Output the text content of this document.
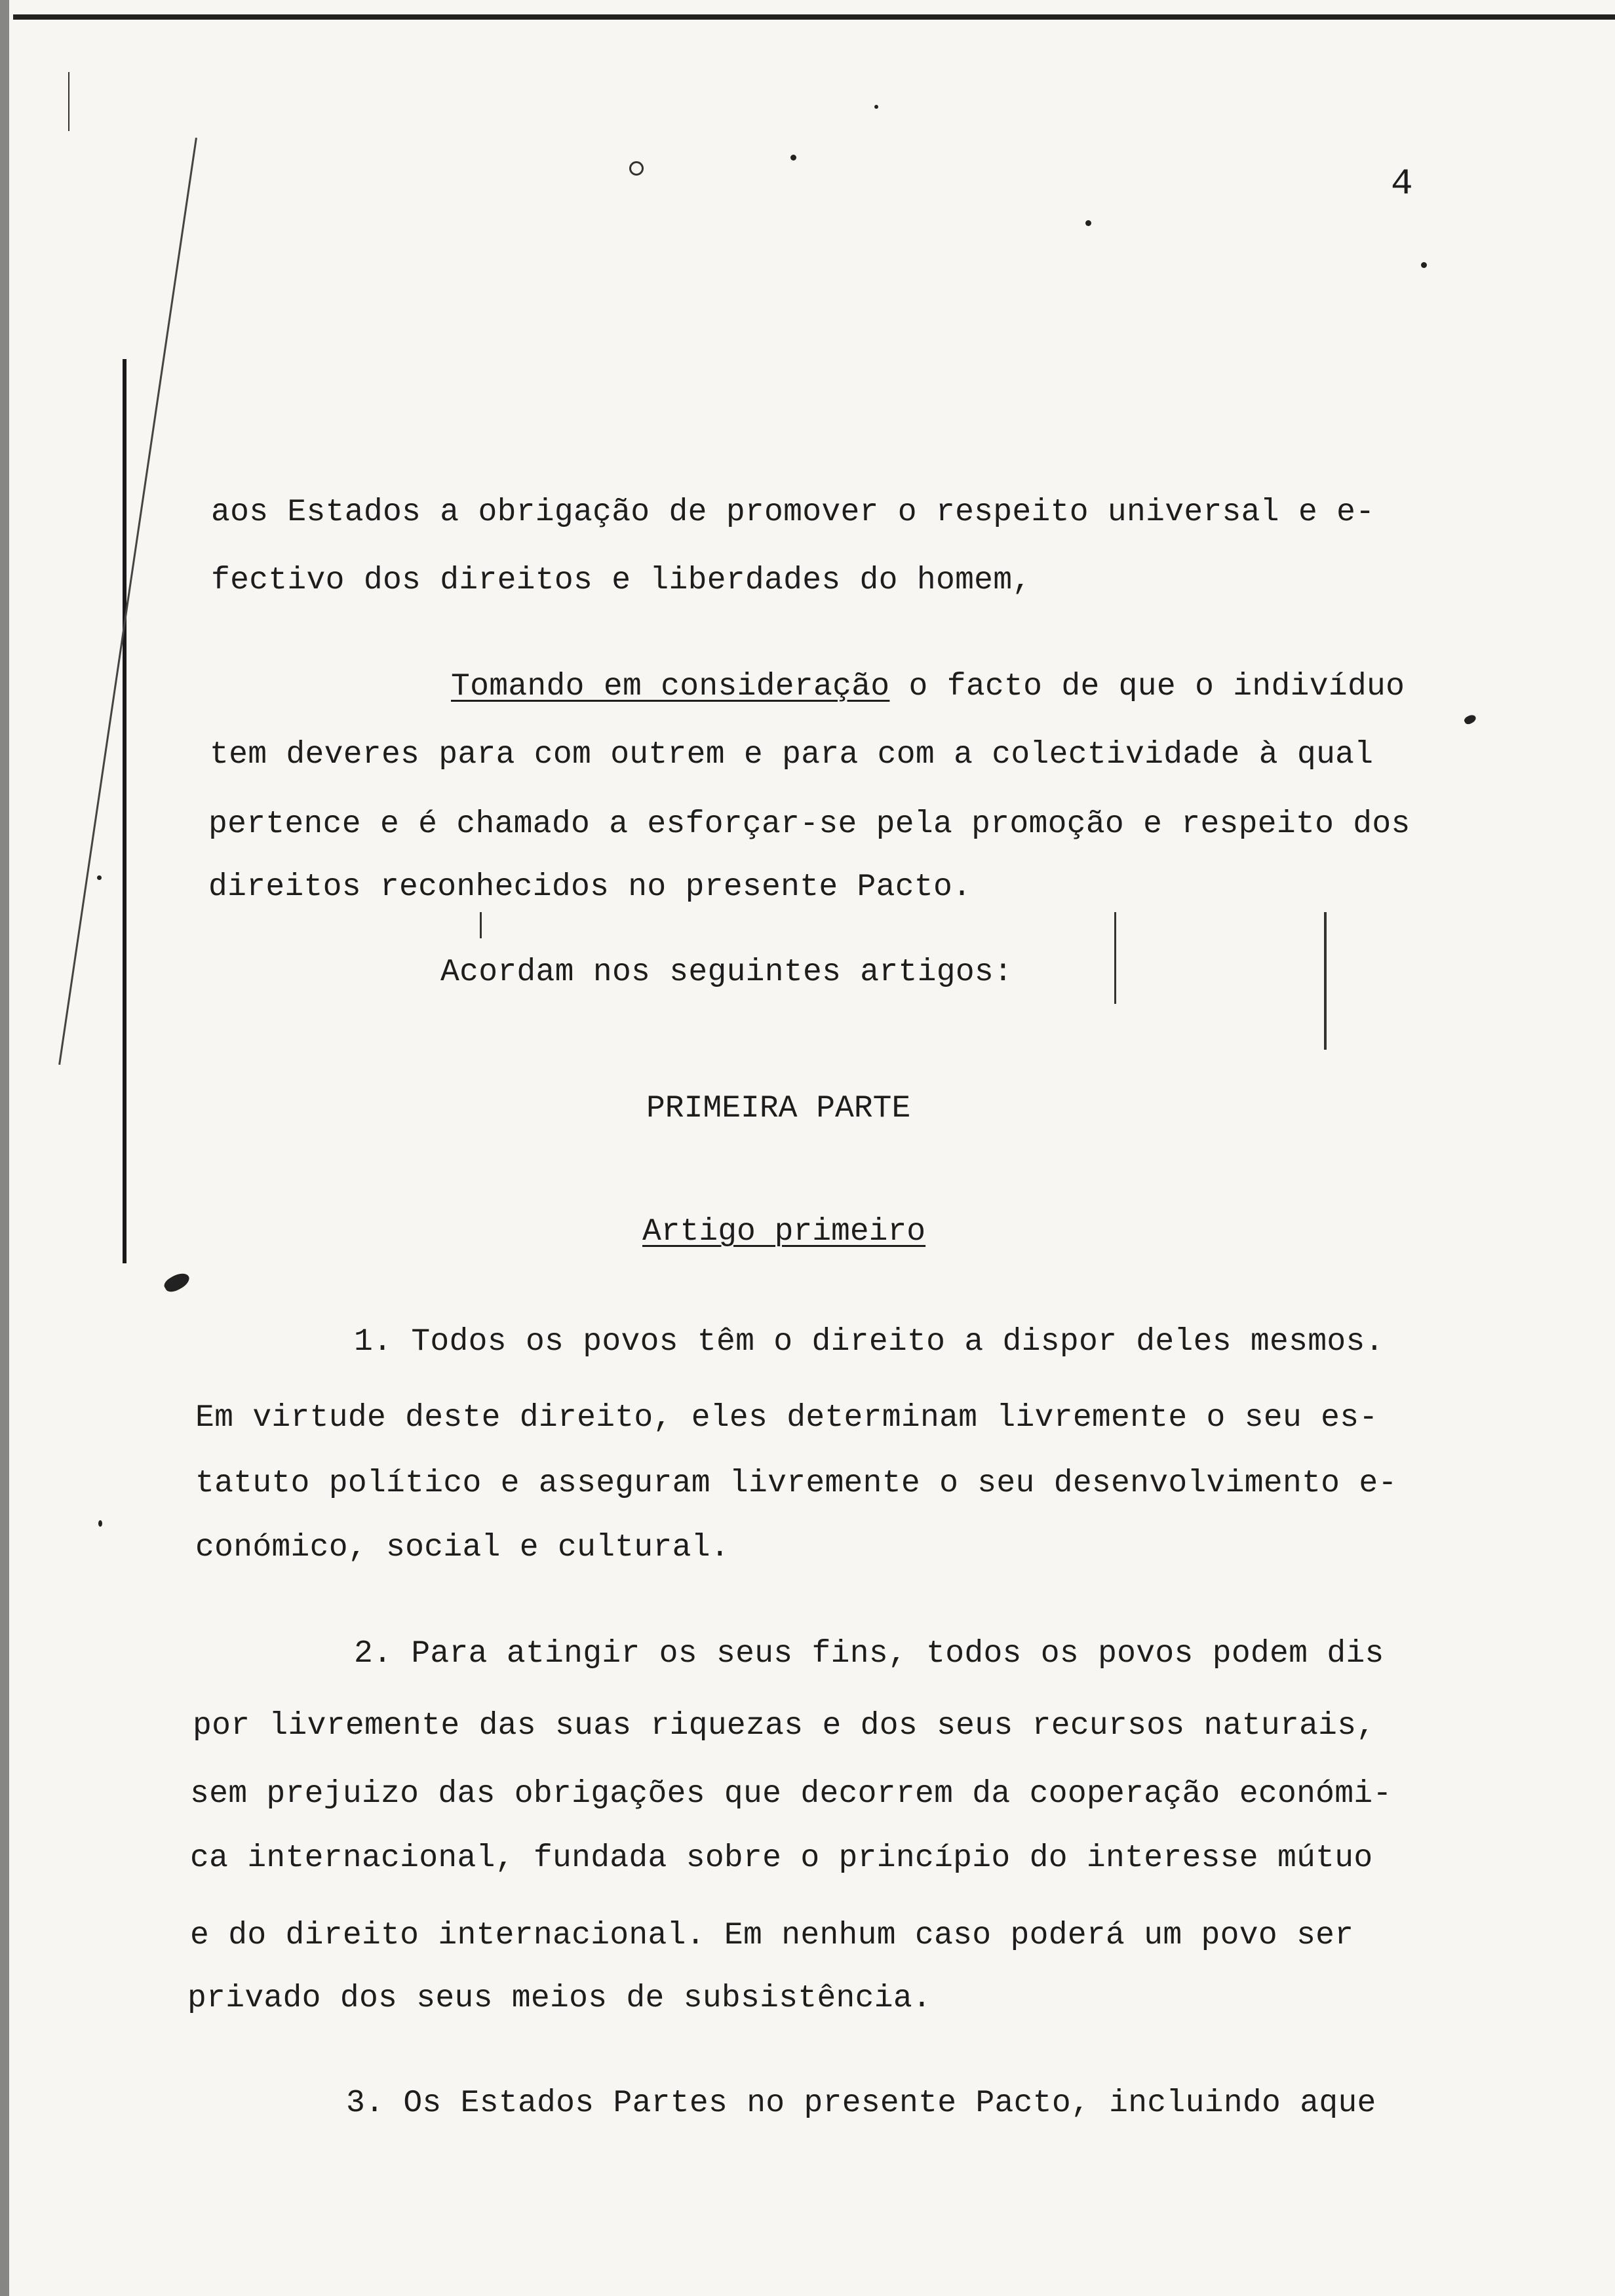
4
aos Estados a obrigação de promover o respeito universal e e-
fectivo dos direitos e liberdades do homem,
Tomando em consideração o facto de que o indivíduo
tem deveres para com outrem e para com a colectividade à qual
pertence e é chamado a esforçar-se pela promoção e respeito dos
direitos reconhecidos no presente Pacto.
Acordam nos seguintes artigos:
PRIMEIRA PARTE
Artigo primeiro
1. Todos os povos têm o direito a dispor deles mesmos.
Em virtude deste direito, eles determinam livremente o seu es-
tatuto político e asseguram livremente o seu desenvolvimento e-
conómico, social e cultural.
2. Para atingir os seus fins, todos os povos podem dis
por livremente das suas riquezas e dos seus recursos naturais,
sem prejuizo das obrigações que decorrem da cooperação económi-
ca internacional, fundada sobre o princípio do interesse mútuo
e do direito internacional. Em nenhum caso poderá um povo ser
privado dos seus meios de subsistência.
3. Os Estados Partes no presente Pacto, incluindo aque
